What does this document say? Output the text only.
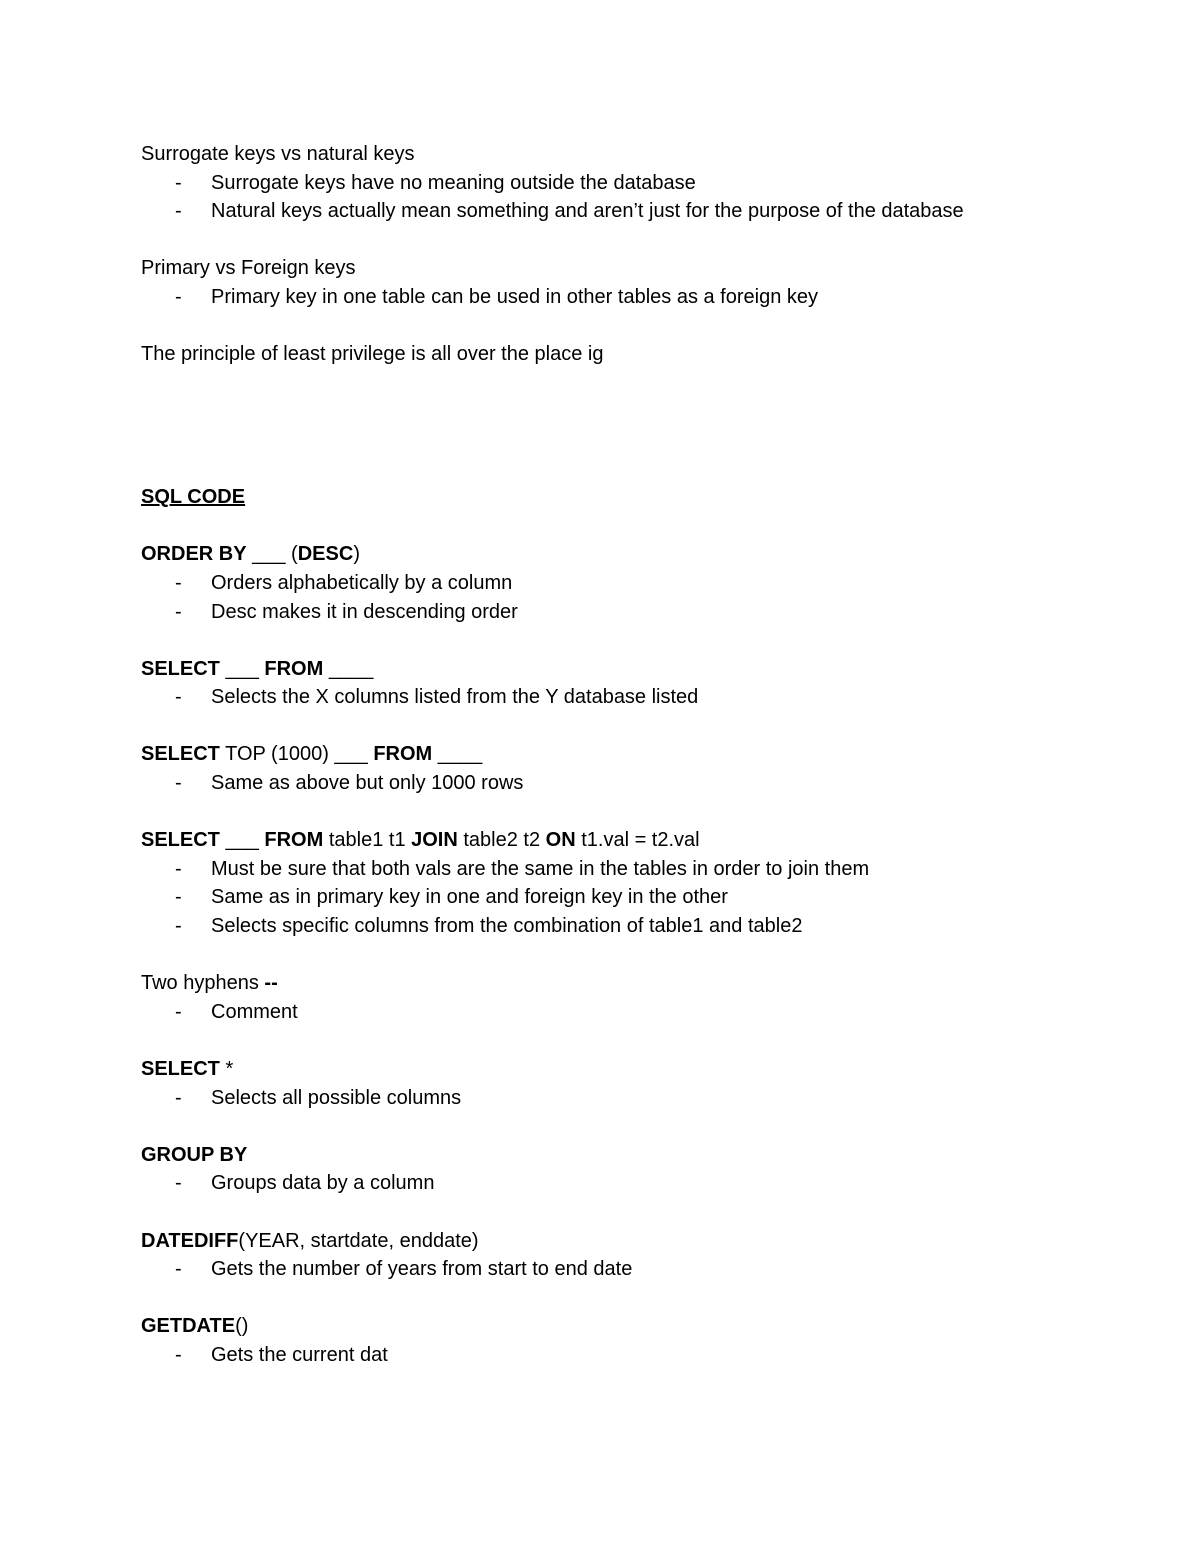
Surrogate keys vs natural keys
- Surrogate keys have no meaning outside the database
- Natural keys actually mean something and aren’t just for the purpose of the database
Primary vs Foreign keys
- Primary key in one table can be used in other tables as a foreign key
The principle of least privilege is all over the place ig
SQL CODE
ORDER BY ___ (DESC)
- Orders alphabetically by a column
- Desc makes it in descending order
SELECT ___ FROM ____
- Selects the X columns listed from the Y database listed
SELECT TOP (1000) ___ FROM ____
- Same as above but only 1000 rows
SELECT ___ FROM table1 t1 JOIN table2 t2 ON t1.val = t2.val
- Must be sure that both vals are the same in the tables in order to join them
- Same as in primary key in one and foreign key in the other
- Selects specific columns from the combination of table1 and table2
Two hyphens --
- Comment
SELECT *
- Selects all possible columns
GROUP BY
- Groups data by a column
DATEDIFF(YEAR, startdate, enddate)
- Gets the number of years from start to end date
GETDATE()
- Gets the current dat
